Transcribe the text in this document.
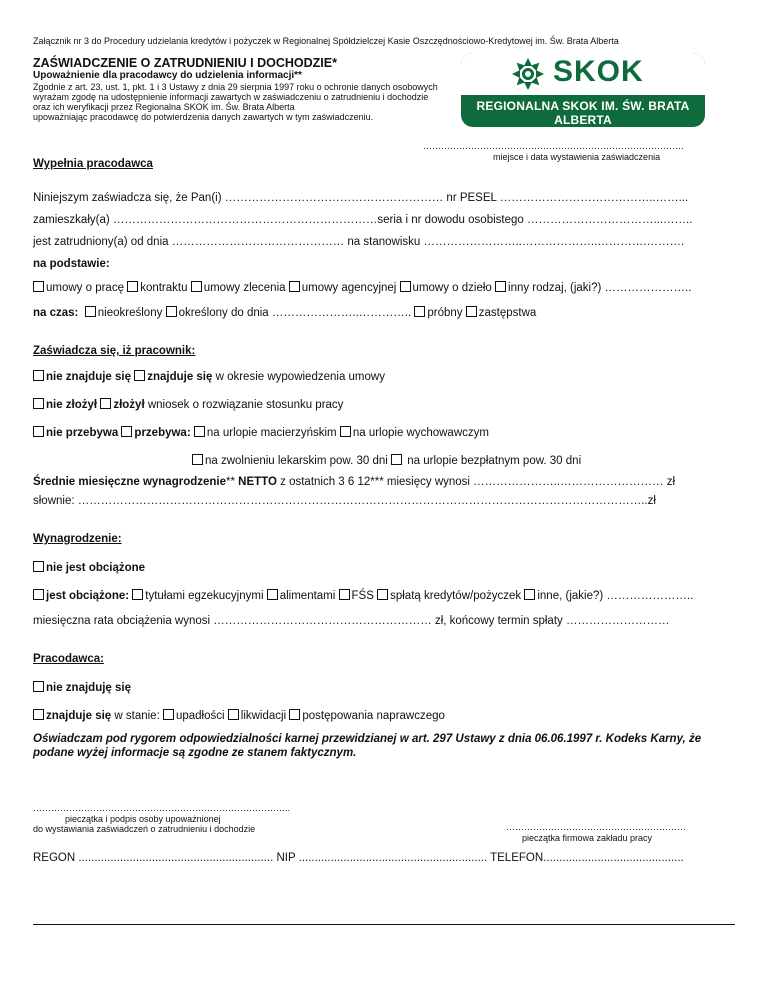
Załącznik nr 3 do Procedury udzielania kredytów i pożyczek w Regionalnej Spółdzielczej Kasie Oszczędnościowo-Kredytowej im. Św. Brata Alberta
ZAŚWIADCZENIE O ZATRUDNIENIU I DOCHODZIE*
Upoważnienie dla pracodawcy do udzielenia informacji**
Zgodnie z art. 23, ust. 1, pkt. 1 i 3 Ustawy z dnia 29 sierpnia 1997 roku o ochronie danych osobowych
wyrażam zgodę na udostępnienie informacji zawartych w zaświadczeniu o zatrudnieniu i dochodzie
oraz ich weryfikacji przez Regionalna SKOK im. Św. Brata Alberta
upoważniając pracodawcę do potwierdzenia danych zawartych w tym zaświadczeniu.
SKOK
REGIONALNA SKOK IM. ŚW. BRATA ALBERTA
……………………………………………………………………………
miejsce i data wystawienia zaświadczenia
Wypełnia pracodawca
Niniejszym zaświadcza się, że Pan(i) ………………………………………………… nr PESEL …………………………………..……...
zamieszkały(a) ……………………………………………………………seria i nr dowodu osobistego ……………………………...……..
jest zatrudniony(a) od dnia ……………………………………… na stanowisku ……………………..………………..………….……….
na podstawie:
umowy o pracę kontraktu umowy zlecenia umowy agencyjnej umowy o dzieło inny rodzaj, (jaki?) …………………..
na czas: nieokreślony określony do dnia …………………..………….. próbny zastępstwa
Zaświadcza się, iż pracownik:
nie znajduje się znajduje się w okresie wypowiedzenia umowy
nie złożył złożył wniosek o rozwiązanie stosunku pracy
nie przebywa przebywa: na urlopie macierzyńskim na urlopie wychowawczym
na zwolnieniu lekarskim pow. 30 dni  na urlopie bezpłatnym pow. 30 dni
Średnie miesięczne wynagrodzenie** NETTO z ostatnich 3 6 12*** miesięcy wynosi …………………..……………………… zł
słownie: …………………………………………………………………………………………………………………………………..zł
Wynagrodzenie:
nie jest obciążone
jest obciążone: tytułami egzekucyjnymi alimentami FŚS spłatą kredytów/pożyczek inne, (jakie?) …………………..
miesięczna rata obciążenia wynosi ………………………………………………… zł, końcowy termin spłaty ………………………
Pracodawca:
nie znajduję się
znajduje się w stanie: upadłości likwidacji postępowania naprawczego
Oświadczam pod rygorem odpowiedzialności karnej przewidzianej w art. 297 Ustawy z dnia 06.06.1997 r. Kodeks Karny, że
podane wyżej informacje są zgodne ze stanem faktycznym.
…………………………………………………………………………..
pieczątka i podpis osoby upoważnionej
do wystawiania zaświadczeń o zatrudnieniu i dochodzie	……………………………………………………
pieczątka firmowa zakładu pracy
REGON ............................................................. NIP ........................................................... TELEFON............................................
